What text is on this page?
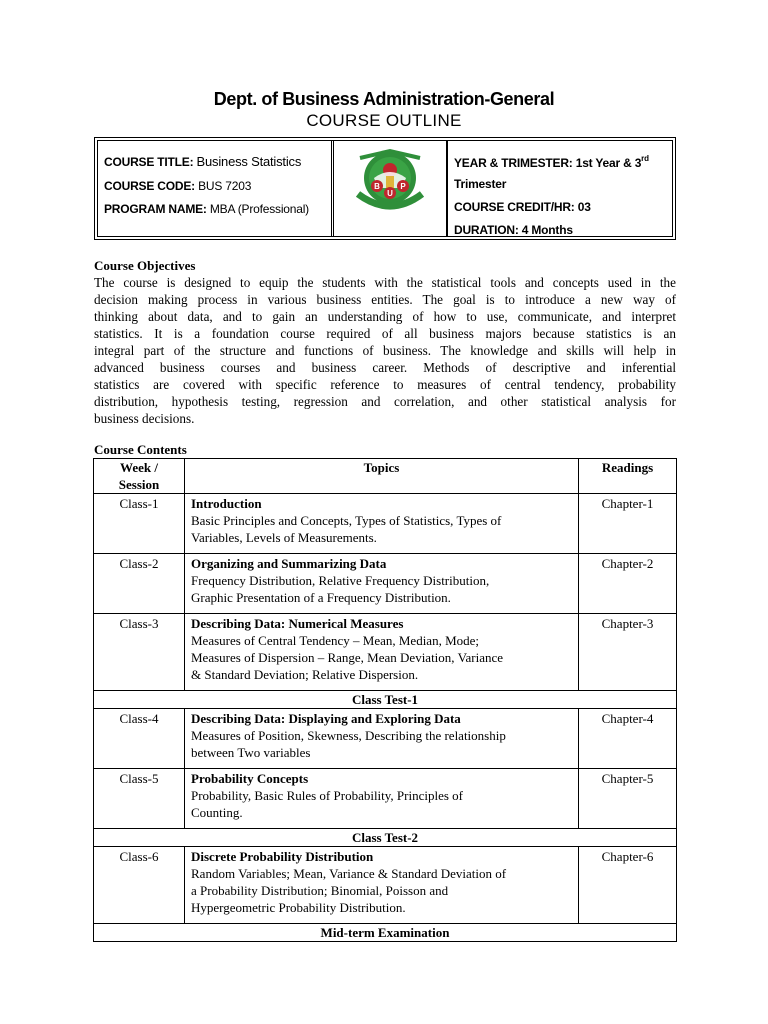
Dept. of Business Administration-General
COURSE OUTLINE
COURSE TITLE: Business Statistics
COURSE CODE: BUS 7203
PROGRAM NAME: MBA (Professional)
B
U
P
YEAR & TRIMESTER: 1st Year & 3rd
Trimester
COURSE CREDIT/HR: 03
DURATION: 4 Months
Course Objectives
The course is designed to equip the students with the statistical tools and concepts used in the
decision making process in various business entities. The goal is to introduce a new way of
thinking about data, and to gain an understanding of how to use, communicate, and interpret
statistics. It is a foundation course required of all business majors because statistics is an
integral part of the structure and functions of business. The knowledge and skills will help in
advanced business courses and business career. Methods of descriptive and inferential
statistics are covered with specific reference to measures of central tendency, probability
distribution, hypothesis testing, regression and correlation, and other statistical analysis for
business decisions.
Course Contents
Week /
Session	Topics	Readings
Class-1	Introduction
Basic Principles and Concepts, Types of Statistics, Types of
Variables, Levels of Measurements.	Chapter-1
Class-2	Organizing and Summarizing Data
Frequency Distribution, Relative Frequency Distribution,
Graphic Presentation of a Frequency Distribution.	Chapter-2
Class-3	Describing Data: Numerical Measures
Measures of Central Tendency – Mean, Median, Mode;
Measures of Dispersion – Range, Mean Deviation, Variance
& Standard Deviation; Relative Dispersion.	Chapter-3
Class Test-1		
Class-4	Describing Data: Displaying and Exploring Data
Measures of Position, Skewness, Describing the relationship
between Two variables	Chapter-4
Class-5	Probability Concepts
Probability, Basic Rules of Probability, Principles of
Counting.	Chapter-5
Class Test-2		
Class-6	Discrete Probability Distribution
Random Variables; Mean, Variance & Standard Deviation of
a Probability Distribution; Binomial, Poisson and
Hypergeometric Probability Distribution.	Chapter-6
Mid-term Examination		
